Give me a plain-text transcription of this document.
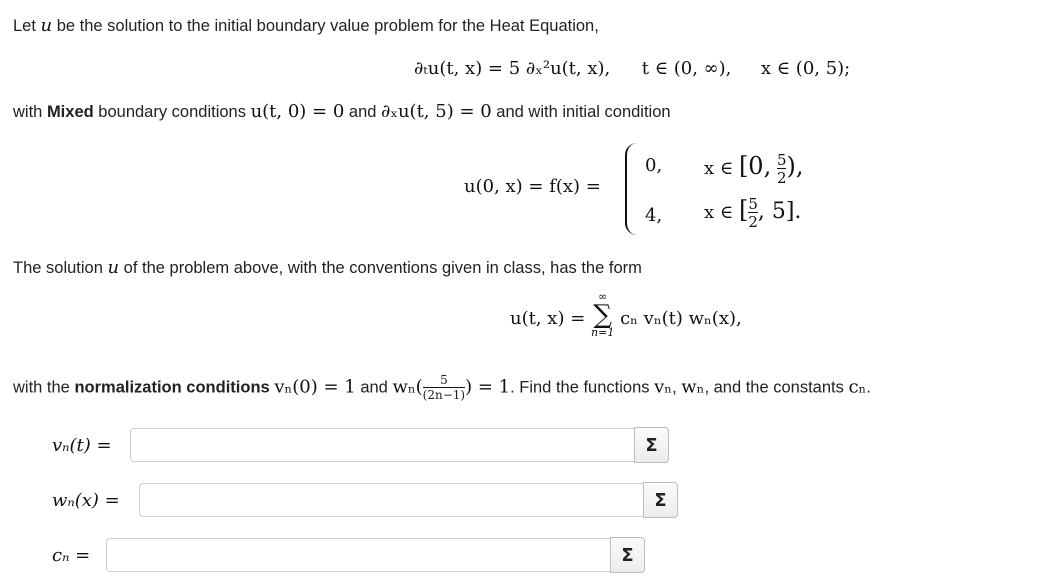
Let u be the solution to the initial boundary value problem for the Heat Equation,
∂ₜu(t, x) = 5 ∂ₓ²u(t, x), t ∈ (0, ∞), x ∈ (0, 5);
with Mixed boundary conditions u(t, 0) = 0 and ∂ₓu(t, 5) = 0 and with initial condition
u(0, x) = f(x) =
0, x ∈ [0, $\frac{5}{2}$ ),
4, x ∈ [ $\frac{5}{2}$ , 5].
The solution u of the problem above, with the conventions given in class, has the form
u(t, x) =
∞
∑
n=1
cₙ vₙ(t) wₙ(x),
with the normalization conditions vₙ(0) = 1 and $w_n( \frac{5}{(2n-1)}$ ) = 1. Find the functions vₙ, wₙ, and the constants cₙ.
vₙ(t) =	Σ
wₙ(x) =	Σ
cₙ =	Σ
